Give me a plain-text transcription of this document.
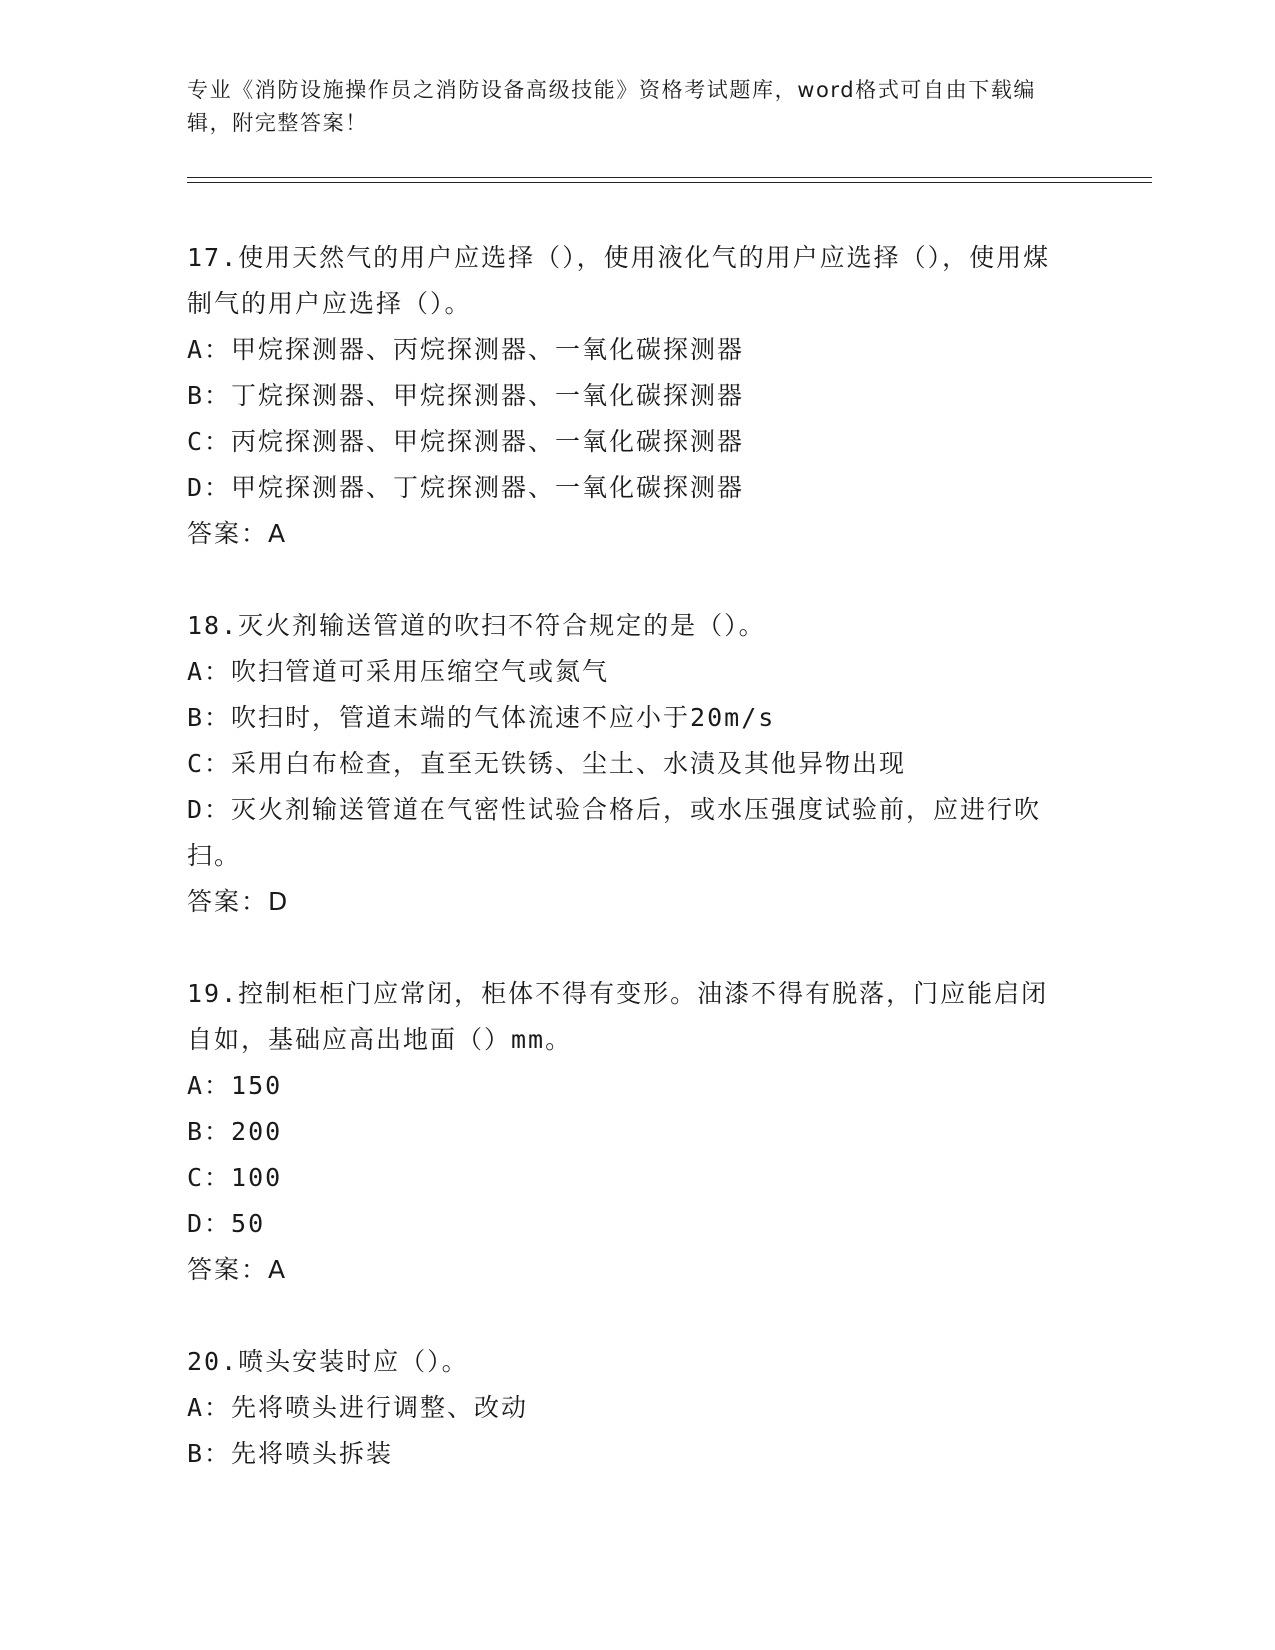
专业《消防设施操作员之消防设备高级技能》资格考试题库，word格式可自由下载编辑，附完整答案！
17.使用天然气的用户应选择（），使用液化气的用户应选择（），使用煤制气的用户应选择（）。
A：甲烷探测器、丙烷探测器、一氧化碳探测器
B：丁烷探测器、甲烷探测器、一氧化碳探测器
C：丙烷探测器、甲烷探测器、一氧化碳探测器
D：甲烷探测器、丁烷探测器、一氧化碳探测器
答案：A
18.灭火剂输送管道的吹扫不符合规定的是（）。
A：吹扫管道可采用压缩空气或氮气
B：吹扫时，管道末端的气体流速不应小于20m/s
C：采用白布检查，直至无铁锈、尘土、水渍及其他异物出现
D：灭火剂输送管道在气密性试验合格后，或水压强度试验前，应进行吹扫。
答案：D
19.控制柜柜门应常闭，柜体不得有变形。油漆不得有脱落，门应能启闭自如，基础应高出地面（）mm。
A：150
B：200
C：100
D：50
答案：A
20.喷头安装时应（）。
A：先将喷头进行调整、改动
B：先将喷头拆装
